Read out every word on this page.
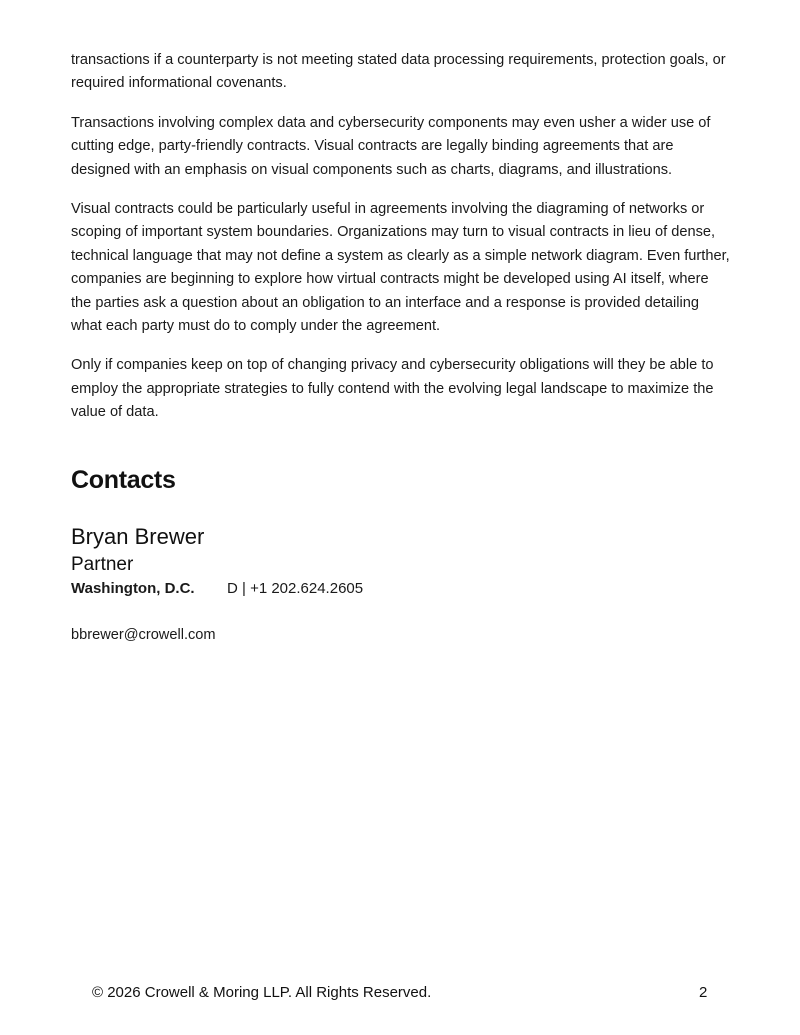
transactions if a counterparty is not meeting stated data processing requirements, protection goals, or required informational covenants.

Transactions involving complex data and cybersecurity components may even usher a wider use of cutting edge, party-friendly contracts. Visual contracts are legally binding agreements that are designed with an emphasis on visual components such as charts, diagrams, and illustrations.

Visual contracts could be particularly useful in agreements involving the diagraming of networks or scoping of important system boundaries. Organizations may turn to visual contracts in lieu of dense, technical language that may not define a system as clearly as a simple network diagram. Even further, companies are beginning to explore how virtual contracts might be developed using AI itself, where the parties ask a question about an obligation to an interface and a response is provided detailing what each party must do to comply under the agreement.

Only if companies keep on top of changing privacy and cybersecurity obligations will they be able to employ the appropriate strategies to fully contend with the evolving legal landscape to maximize the value of data.

Contacts
Bryan Brewer
Partner
Washington, D.C.	D | +1 202.624.2605
bbrewer@crowell.com
© 2026 Crowell & Moring LLP. All Rights Reserved.	2
